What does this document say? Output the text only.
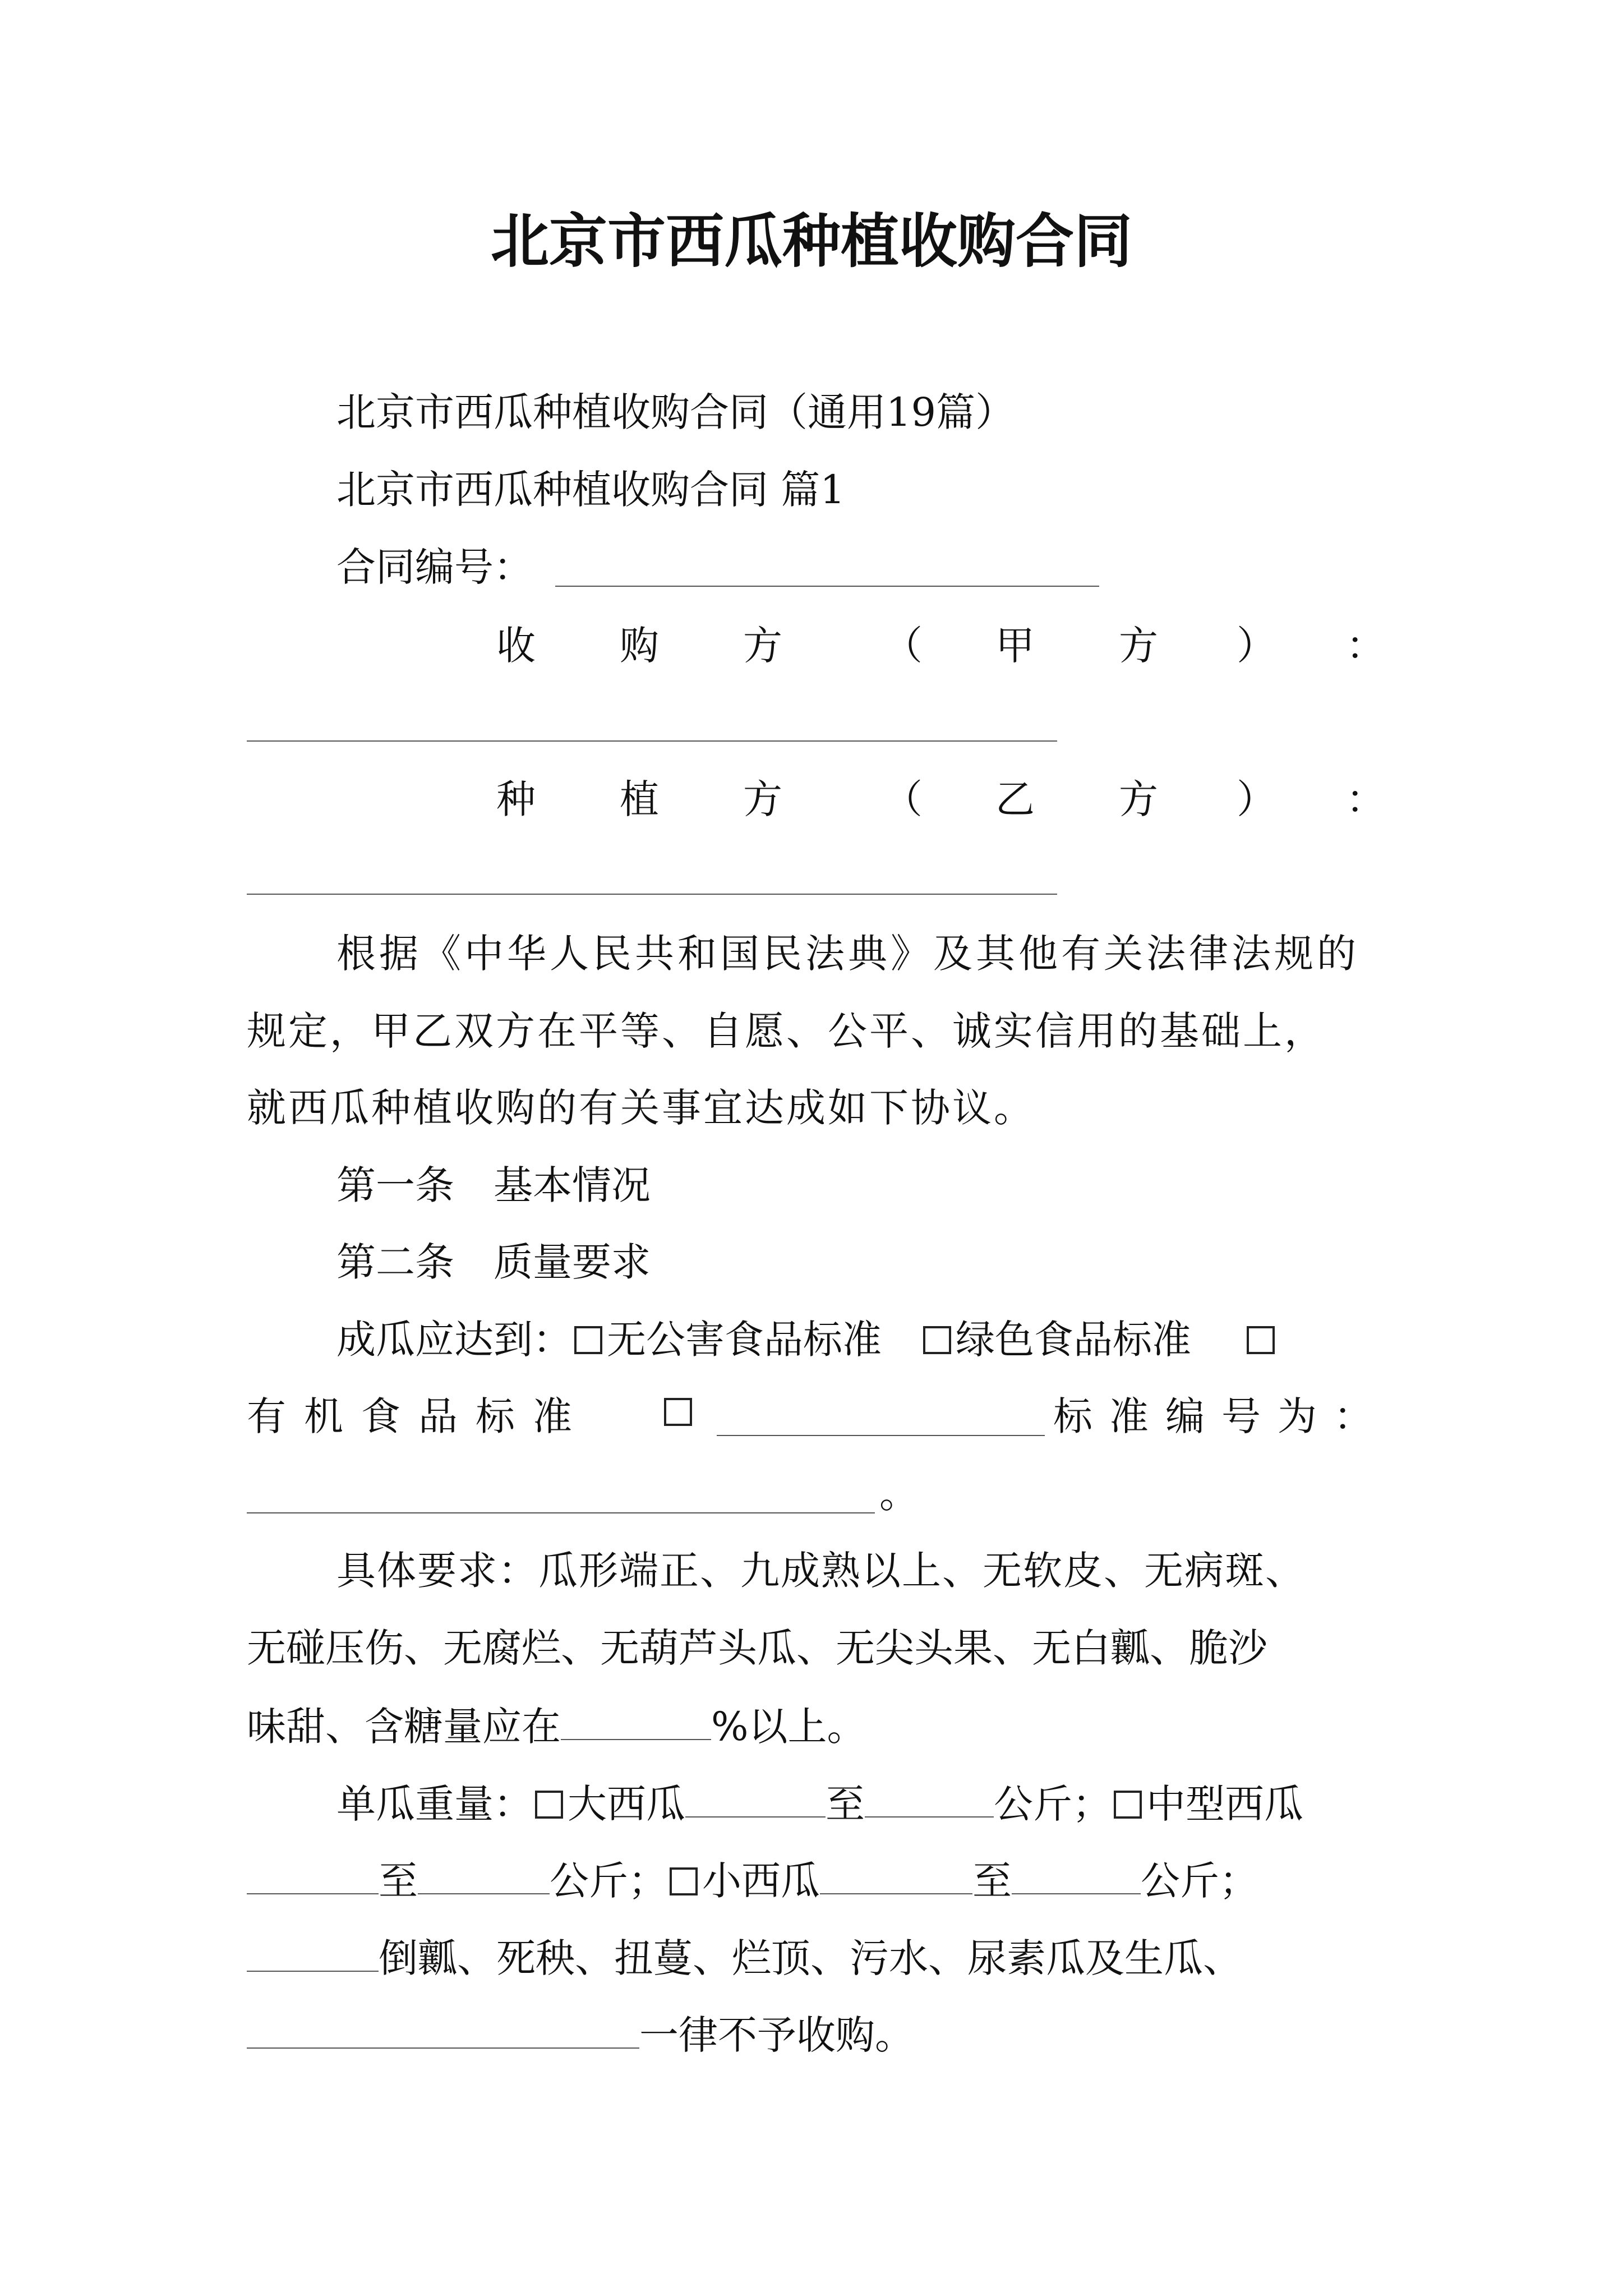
北京市西瓜种植收购合同
北京市西瓜种植收购合同（通用19篇）
北京市西瓜种植收购合同 篇1
合同编号：
收 购 方	（ 甲 方 ） ：
种 植 方	（ 乙 方 ） ：
根据《中华人民共和国民法典》及其他有关法律法规的
规定，甲乙双方在平等、自愿、公平、诚实信用的基础上，
就西瓜种植收购的有关事宜达成如下协议。
第一条　基本情况
第二条　质量要求
成瓜应达到： 无公害食品标准 绿色食品标准
有机食品标准	标准编号为：
。
具体要求：瓜形端正、九成熟以上、无软皮、无病斑、
无碰压伤、无腐烂、无葫芦头瓜、无尖头果、无白瓤、脆沙
味甜、含糖量应在	%以上。
单瓜重量： 大西瓜	至	公斤； 中型西瓜
至	公斤； 小西瓜	至	公斤；
倒瓤、死秧、扭蔓、烂顶、污水、尿素瓜及生瓜、
一律不予收购。
